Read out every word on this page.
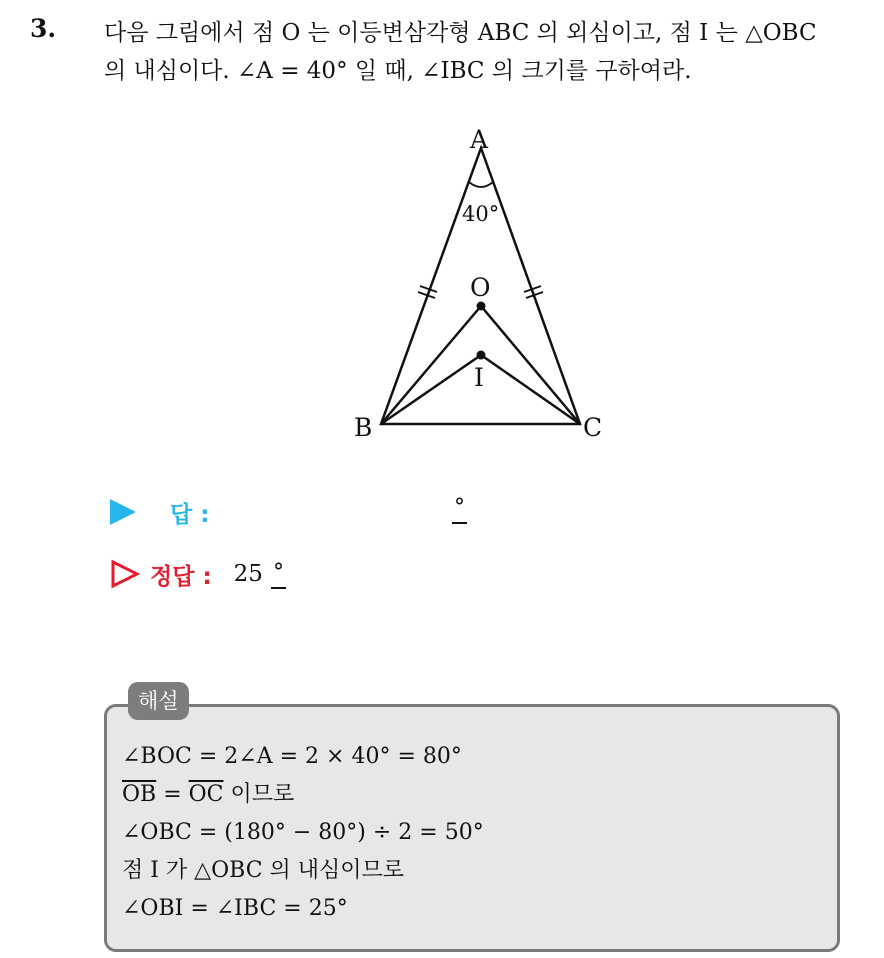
3. 다음 그림에서 점 O 는 이등변삼각형 ABC 의 외심이고, 점 I 는 △OBC
의 내심이다. ∠A = 40° 일 때, ∠IBC 의 크기를 구하여라.
A
B	C
O
I
40°
답 :	°
정답 : 25 °
해설
∠BOC = 2∠A = 2 × 40° = 80°
$\overline{OB} = \overline{OC}$ 이므로
∠OBC = (180° − 80°) ÷ 2 = 50°
점 I 가 △OBC 의 내심이므로
∠OBI = ∠IBC = 25°
